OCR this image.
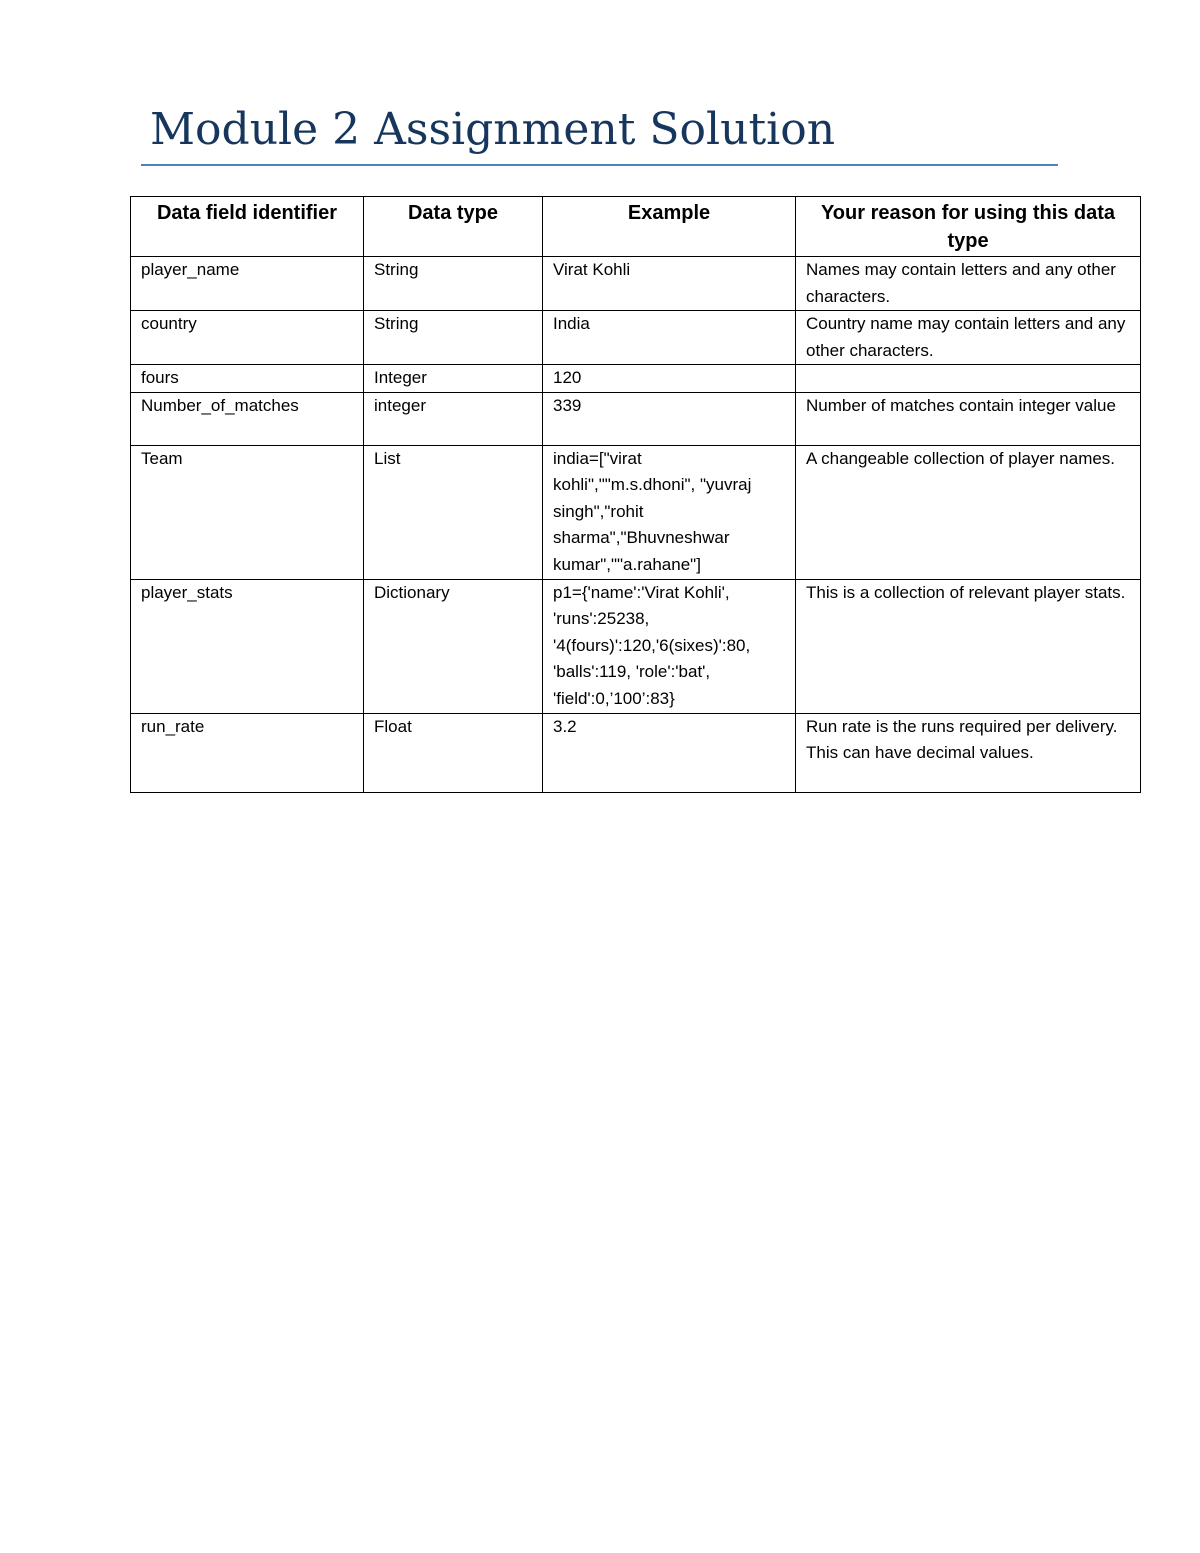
Module 2 Assignment Solution
Data field identifier	Data type	Example	Your reason for using this data type
player_name	String	Virat Kohli	Names may contain letters and any other characters.
country	String	India	Country name may contain letters and any other characters.
fours	Integer	120	
Number_of_matches	integer	339	Number of matches contain integer value
Team	List	india=["virat kohli",""m.s.dhoni", "yuvraj singh","rohit sharma","Bhuvneshwar kumar",""a.rahane"]	A changeable collection of player names.
player_stats	Dictionary	p1={'name':'Virat Kohli', 'runs':25238, '4(fours)':120,'6(sixes)':80, 'balls':119, 'role':'bat', 'field':0,’100’:83}	This is a collection of relevant player stats.
run_rate	Float	3.2	Run rate is the runs required per delivery. This can have decimal values.
